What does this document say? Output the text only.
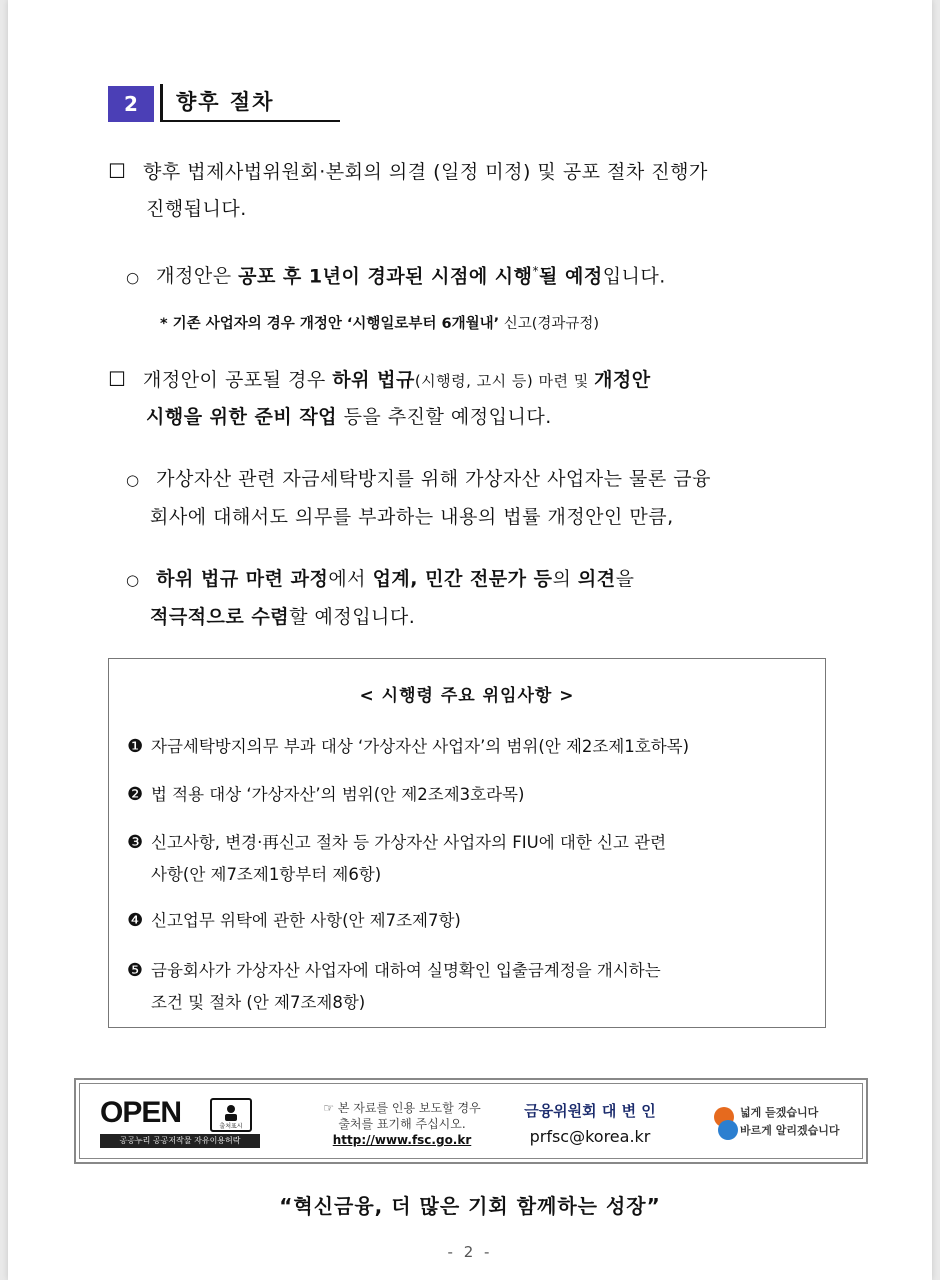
2	향후 절차
☐ 향후 법제사법위원회·본회의 의결 (일정 미정) 및 공포 절차 진행가
진행됩니다.
○ 개정안은 공포 후 1년이 경과된 시점에 시행*될 예정입니다.
* 기존 사업자의 경우 개정안 ‘시행일로부터 6개월내’ 신고(경과규정)
☐ 개정안이 공포될 경우 하위 법규(시행령, 고시 등) 마련 및 개정안
시행을 위한 준비 작업 등을 추진할 예정입니다.
○ 가상자산 관련 자금세탁방지를 위해 가상자산 사업자는 물론 금융
회사에 대해서도 의무를 부과하는 내용의 법률 개정안인 만큼,
○ 하위 법규 마련 과정에서 업계, 민간 전문가 등의 의견을
적극적으로 수렴할 예정입니다.
< 시행령 주요 위임사항 >
❶ 자금세탁방지의무 부과 대상 ‘가상자산 사업자’의 범위(안 제2조제1호하목)
❷ 법 적용 대상 ‘가상자산’의 범위(안 제2조제3호라목)
❸ 신고사항, 변경·再신고 절차 등 가상자산 사업자의 FIU에 대한 신고 관련
사항(안 제7조제1항부터 제6항)
❹ 신고업무 위탁에 관한 사항(안 제7조제7항)
❺ 금융회사가 가상자산 사업자에 대하여 실명확인 입출금계정을 개시하는
조건 및 절차 (안 제7조제8항)
OPEN	출처표시
공공누리 공공저작물 자유이용허락
☞ 본 자료를 인용 보도할 경우
출처를 표기해 주십시오.
http://www.fsc.go.kr
금융위원회 대 변 인
prfsc@korea.kr
넓게 듣겠습니다
바르게 알리겠습니다
“혁신금융, 더 많은 기회 함께하는 성장”
- 2 -
